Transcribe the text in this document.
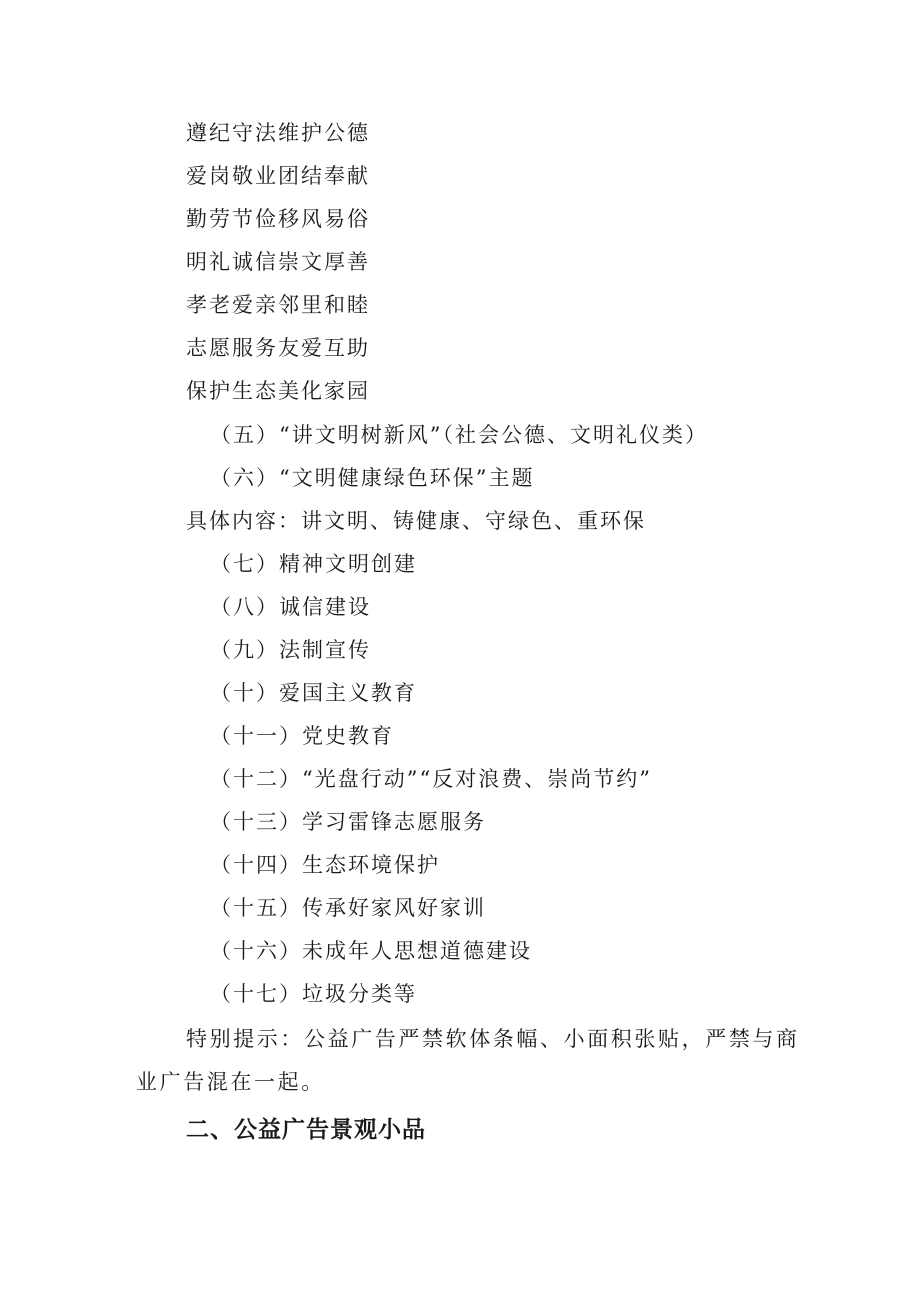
遵纪守法维护公德
爱岗敬业团结奉献
勤劳节俭移风易俗
明礼诚信崇文厚善
孝老爱亲邻里和睦
志愿服务友爱互助
保护生态美化家园
（五）“讲文明树新风”（社会公德、文明礼仪类）
（六）“文明健康绿色环保”主题
具体内容：讲文明、铸健康、守绿色、重环保
（七）精神文明创建
（八）诚信建设
（九）法制宣传
（十）爱国主义教育
（十一）党史教育
（十二）“光盘行动”“反对浪费、崇尚节约”
（十三）学习雷锋志愿服务
（十四）生态环境保护
（十五）传承好家风好家训
（十六）未成年人思想道德建设
（十七）垃圾分类等
特别提示：公益广告严禁软体条幅、小面积张贴，严禁与商
业广告混在一起。
二、公益广告景观小品
